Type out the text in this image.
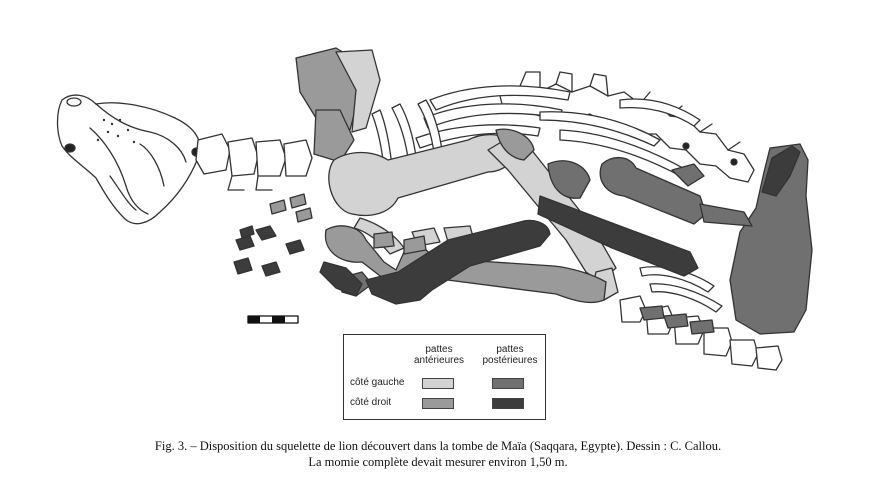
pattes
antérieures
pattes
postérieures
côté gauche
côté droit
Fig. 3. – Disposition du squelette de lion découvert dans la tombe de Maïa (Saqqara, Egypte). Dessin : C. Callou.
La momie complète devait mesurer environ 1,50 m.
